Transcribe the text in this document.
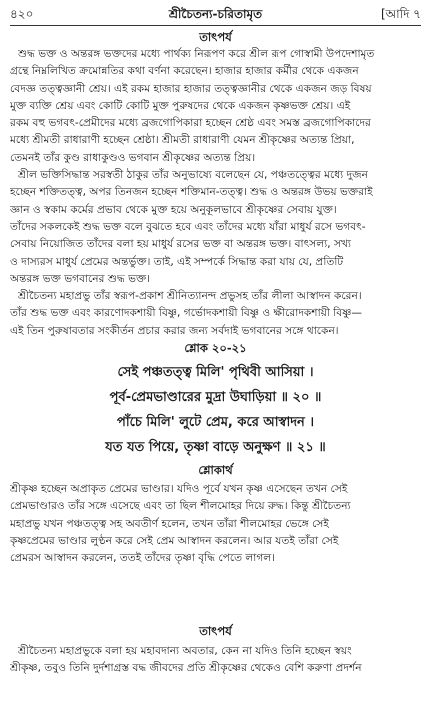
৪২০	শ্রীচৈতন্য-চরিতামৃত	[আদি ৭
তাৎপর্য
শুদ্ধ ভক্ত ও অন্তরঙ্গ ভক্তদের মধ্যে পার্থক্য নিরূপণ করে শ্রীল রূপ গোস্বামী উপদেশামৃত
গ্রন্থে নিম্নলিখিত ক্রমোন্নতির কথা বর্ণনা করেছেন। হাজার হাজার কর্মীর থেকে একজন
বেদজ্ঞ তত্ত্বজ্ঞানী শ্রেয়। এই রকম হাজার হাজার তত্ত্বজ্ঞানীর থেকে একজন জড় বিষয়
মুক্ত ব্যক্তি শ্রেয় এবং কোটি কোটি মুক্ত পুরুষদের থেকে একজন কৃষ্ণভক্ত শ্রেয়। এই
রকম বহু ভগবৎ-প্রেমীদের মধ্যে ব্রজগোপিকারা হচ্ছেন শ্রেষ্ঠ এবং সমস্ত ব্রজগোপিকাদের
মধ্যে শ্রীমতী রাধারাণী হচ্ছেন শ্রেষ্ঠা। শ্রীমতী রাধারাণী যেমন শ্রীকৃষ্ণের অত্যন্ত প্রিয়া,
তেমনই তাঁর কুণ্ড রাধাকুণ্ডও ভগবান শ্রীকৃষ্ণের অত্যন্ত প্রিয়।
শ্রীল ভক্তিসিদ্ধান্ত সরস্বতী ঠাকুর তাঁর অনুভাষ্যে বলেছেন যে, পঞ্চতত্ত্বের মধ্যে দুজন
হচ্ছেন শক্তিতত্ত্ব, অপর তিনজন হচ্ছেন শক্তিমান-তত্ত্ব। শুদ্ধ ও অন্তরঙ্গ উভয় ভক্তরাই
জ্ঞান ও স্বকাম কর্মের প্রভাব থেকে মুক্ত হয়ে অনুকূলভাবে শ্রীকৃষ্ণের সেবায় যুক্ত।
তাঁদের সকলকেই শুদ্ধ ভক্ত বলে বুঝতে হবে এবং তাঁদের মধ্যে যাঁরা মাধুর্য রসে ভগবৎ-
সেবায় নিয়োজিত তাঁদের বলা হয় মাধুর্য রসের ভক্ত বা অন্তরঙ্গ ভক্ত। বাৎসল্য, সখ্য
ও দাস্যরস মাধুর্য প্রেমের অন্তর্ভুক্ত। তাই, এই সম্পর্কে সিদ্ধান্ত করা যায় যে, প্রতিটি
অন্তরঙ্গ ভক্ত ভগবানের শুদ্ধ ভক্ত।
শ্রীচৈতন্য মহাপ্রভু তাঁর স্বরূপ-প্রকাশ শ্রীনিত্যানন্দ প্রভুসহ তাঁর লীলা আস্বাদন করেন।
তাঁর শুদ্ধ ভক্ত এবং কারণোদকশায়ী বিষ্ণু, গর্ভোদকশায়ী বিষ্ণু ও ক্ষীরোদকশায়ী বিষ্ণু—
এই তিন পুরুষাবতার সংকীর্তন প্রচার করার জন্য সর্বদাই ভগবানের সঙ্গে থাকেন।
শ্লোক ২০-২১
সেই পঞ্চতত্ত্ব মিলি' পৃথিবী আসিয়া ।
পূর্ব-প্রেমভাণ্ডারের মুদ্রা উঘাড়িয়া ॥ ২০ ॥
পাঁচে মিলি' লুটে প্রেম, করে আস্বাদন ।
যত যত পিয়ে, তৃষ্ণা বাড়ে অনুক্ষণ ॥ ২১ ॥
শ্লোকার্থ
শ্রীকৃষ্ণ হচ্ছেন অপ্রাকৃত প্রেমের ভাণ্ডার। যদিও পূর্বে যখন কৃষ্ণ এসেছেন তখন সেই
প্রেমভাণ্ডারও তাঁর সঙ্গে এসেছে এবং তা ছিল শীলমোহর দিয়ে রুদ্ধ। কিন্তু শ্রীচৈতন্য
মহাপ্রভু যখন পঞ্চতত্ত্ব সহ অবতীর্ণ হলেন, তখন তাঁরা শীলমোহর ভেঙ্গে সেই
কৃষ্ণপ্রেমের ভাণ্ডার লুণ্ঠন করে সেই প্রেম আস্বাদন করলেন। আর যতই তাঁরা সেই
প্রেমরস আস্বাদন করলেন, ততই তাঁদের তৃষ্ণা বৃদ্ধি পেতে লাগল।
তাৎপর্য
শ্রীচৈতন্য মহাপ্রভুকে বলা হয় মহাবদান্য অবতার, কেন না যদিও তিনি হচ্ছেন স্বয়ং
শ্রীকৃষ্ণ, তবুও তিনি দুর্দশাগ্রস্ত বদ্ধ জীবদের প্রতি শ্রীকৃষ্ণের থেকেও বেশি করুণা প্রদর্শন
